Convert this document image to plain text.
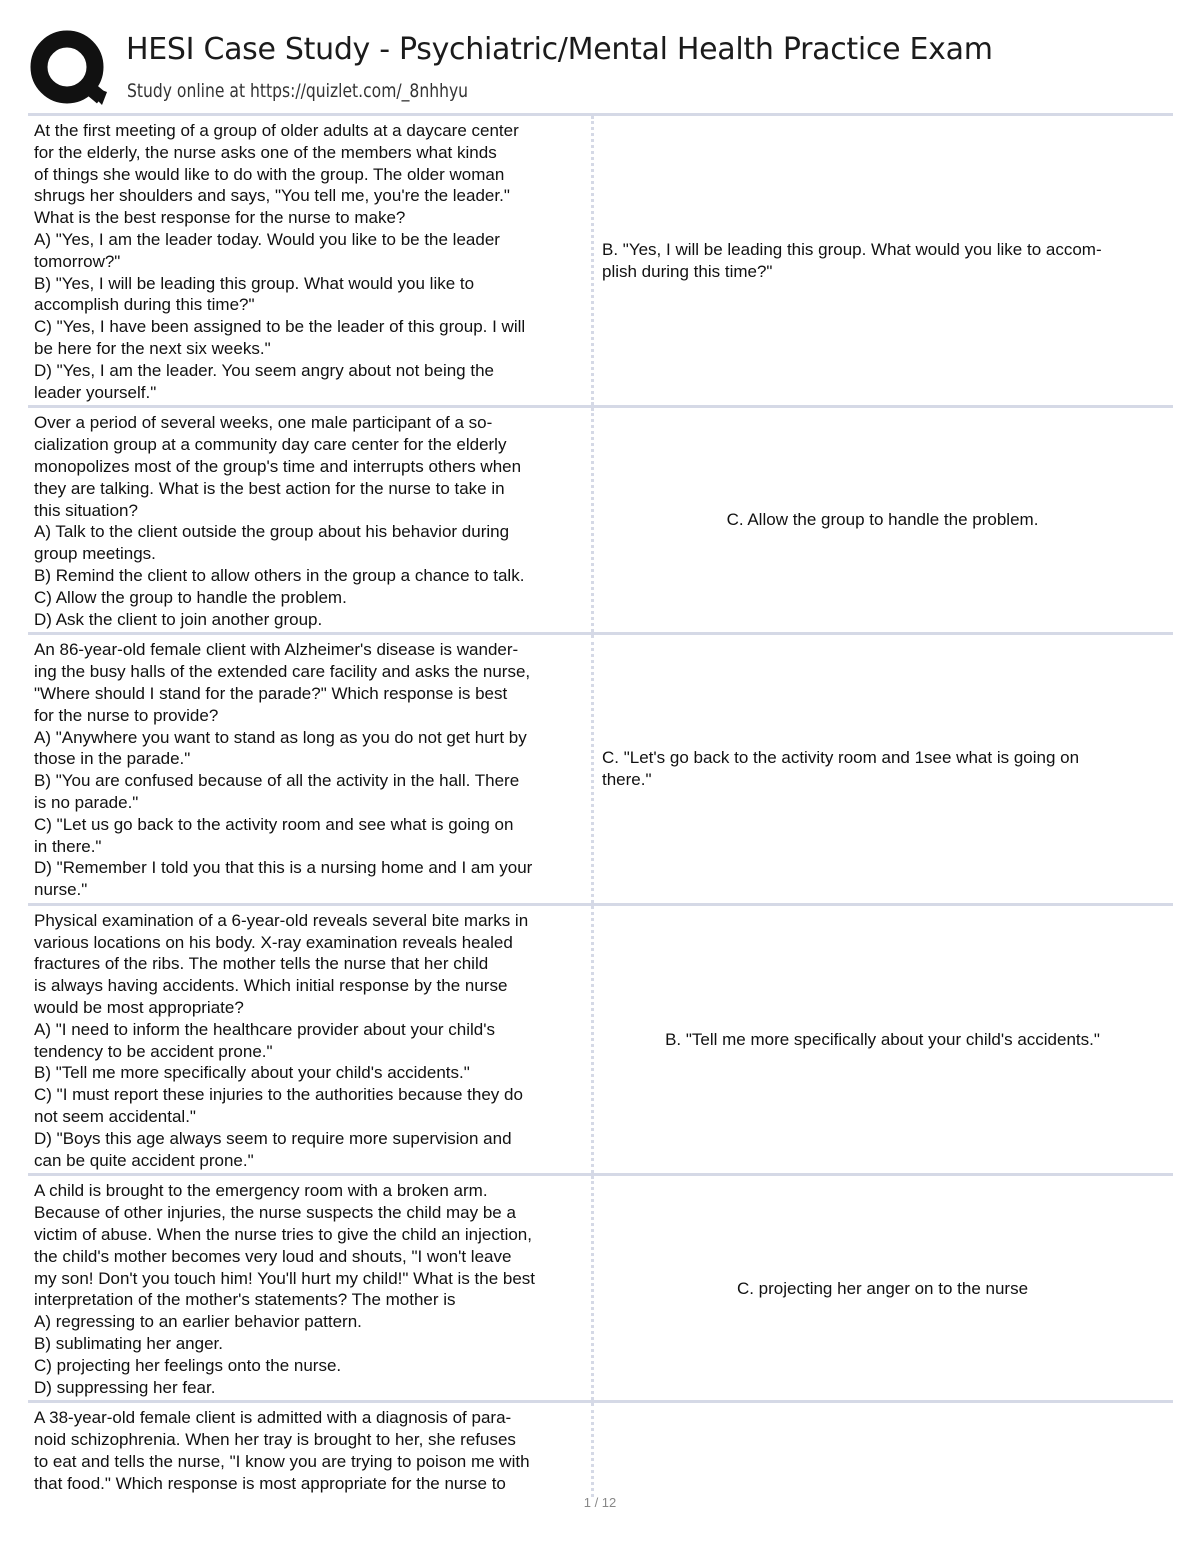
HESI Case Study - Psychiatric/Mental Health Practice Exam

Study online at https://quizlet.com/_8nhhyu

At the first meeting of a group of older adults at a daycare center
for the elderly, the nurse asks one of the members what kinds
of things she would like to do with the group. The older woman
shrugs her shoulders and says, "You tell me, you're the leader."
What is the best response for the nurse to make?
A) "Yes, I am the leader today. Would you like to be the leader
tomorrow?"
B) "Yes, I will be leading this group. What would you like to
accomplish during this time?"
C) "Yes, I have been assigned to be the leader of this group. I will
be here for the next six weeks."
D) "Yes, I am the leader. You seem angry about not being the
leader yourself."
B. "Yes, I will be leading this group. What would you like to accom-
plish during this time?"
Over a period of several weeks, one male participant of a so-
cialization group at a community day care center for the elderly
monopolizes most of the group's time and interrupts others when
they are talking. What is the best action for the nurse to take in
this situation?
A) Talk to the client outside the group about his behavior during
group meetings.
B) Remind the client to allow others in the group a chance to talk.
C) Allow the group to handle the problem.
D) Ask the client to join another group.
C. Allow the group to handle the problem.
An 86-year-old female client with Alzheimer's disease is wander-
ing the busy halls of the extended care facility and asks the nurse,
"Where should I stand for the parade?" Which response is best
for the nurse to provide?
A) "Anywhere you want to stand as long as you do not get hurt by
those in the parade."
B) "You are confused because of all the activity in the hall. There
is no parade."
C) "Let us go back to the activity room and see what is going on
in there."
D) "Remember I told you that this is a nursing home and I am your
nurse."
C. "Let's go back to the activity room and 1see what is going on
there."
Physical examination of a 6-year-old reveals several bite marks in
various locations on his body. X-ray examination reveals healed
fractures of the ribs. The mother tells the nurse that her child
is always having accidents. Which initial response by the nurse
would be most appropriate?
A) "I need to inform the healthcare provider about your child's
tendency to be accident prone."
B) "Tell me more specifically about your child's accidents."
C) "I must report these injuries to the authorities because they do
not seem accidental."
D) "Boys this age always seem to require more supervision and
can be quite accident prone."
B. "Tell me more specifically about your child's accidents."
A child is brought to the emergency room with a broken arm.
Because of other injuries, the nurse suspects the child may be a
victim of abuse. When the nurse tries to give the child an injection,
the child's mother becomes very loud and shouts, "I won't leave
my son! Don't you touch him! You'll hurt my child!" What is the best
interpretation of the mother's statements? The mother is
A) regressing to an earlier behavior pattern.
B) sublimating her anger.
C) projecting her feelings onto the nurse.
D) suppressing her fear.
C. projecting her anger on to the nurse
A 38-year-old female client is admitted with a diagnosis of para-
noid schizophrenia. When her tray is brought to her, she refuses
to eat and tells the nurse, "I know you are trying to poison me with
that food." Which response is most appropriate for the nurse to
1 / 12
